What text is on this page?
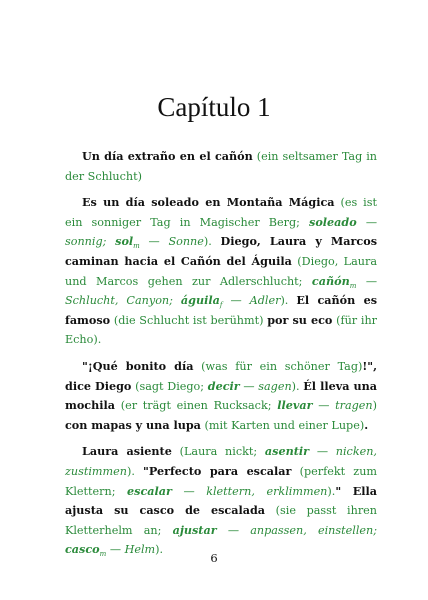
Capítulo 1

Un día extraño en el cañón (ein seltsamer Tag in der Schlucht)

Es un día soleado en Montaña Mágica (es ist ein sonniger Tag in Magischer Berg; soleado — sonnig; sol$_m$ — Sonne). Diego, Laura y Marcos caminan hacia el Cañón del Águila (Diego, Laura und Marcos gehen zur Adlerschlucht; cañón$_m$ — Schlucht, Canyon; águila$_f$ — Adler). El cañón es famoso (die Schlucht ist berühmt) por su eco (für ihr Echo).

"¡Qué bonito día (was für ein schöner Tag)!", dice Diego (sagt Diego; decir — sagen). Él lleva una mochila (er trägt einen Rucksack; llevar — tragen) con mapas y una lupa (mit Karten und einer Lupe).

Laura asiente (Laura nickt; asentir — nicken, zustimmen). "Perfecto para escalar (perfekt zum Klettern; escalar — klettern, erklimmen)." Ella ajusta su casco de escalada (sie passt ihren Kletterhelm an; ajustar — anpassen, einstellen; casco$_m$ — Helm).

6
